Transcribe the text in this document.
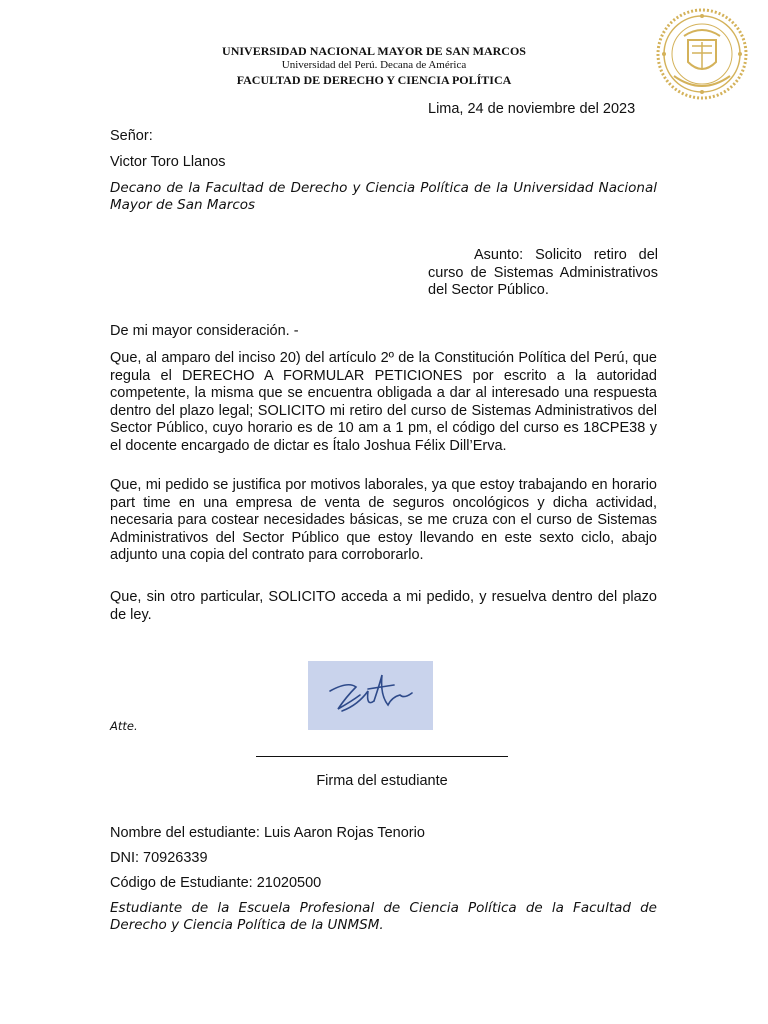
UNIVERSIDAD NACIONAL MAYOR DE SAN MARCOS
Universidad del Perú. Decana de América
FACULTAD DE DERECHO Y CIENCIA POLÍTICA
Lima, 24 de noviembre del 2023
Señor:
Victor Toro Llanos
Decano de la Facultad de Derecho y Ciencia Política de la Universidad Nacional Mayor de San Marcos
Asunto: Solicito retiro del curso de Sistemas Administrativos del Sector Público.
De mi mayor consideración. -
Que, al amparo del inciso 20) del artículo 2º de la Constitución Política del Perú, que regula el DERECHO A FORMULAR PETICIONES por escrito a la autoridad competente, la misma que se encuentra obligada a dar al interesado una respuesta dentro del plazo legal; SOLICITO mi retiro del curso de Sistemas Administrativos del Sector Público, cuyo horario es de 10 am a 1 pm, el código del curso es 18CPE38 y el docente encargado de dictar es Ítalo Joshua Félix Dill’Erva.
Que, mi pedido se justifica por motivos laborales, ya que estoy trabajando en horario part time en una empresa de venta de seguros oncológicos y dicha actividad, necesaria para costear necesidades básicas, se me cruza con el curso de Sistemas Administrativos del Sector Público que estoy llevando en este sexto ciclo, abajo adjunto una copia del contrato para corroborarlo.
Que, sin otro particular, SOLICITO acceda a mi pedido, y resuelva dentro del plazo de ley.
Atte.
Firma del estudiante
Nombre del estudiante: Luis Aaron Rojas Tenorio
DNI: 70926339
Código de Estudiante: 21020500
Estudiante de la Escuela Profesional de Ciencia Política de la Facultad de Derecho y Ciencia Política de la UNMSM.
